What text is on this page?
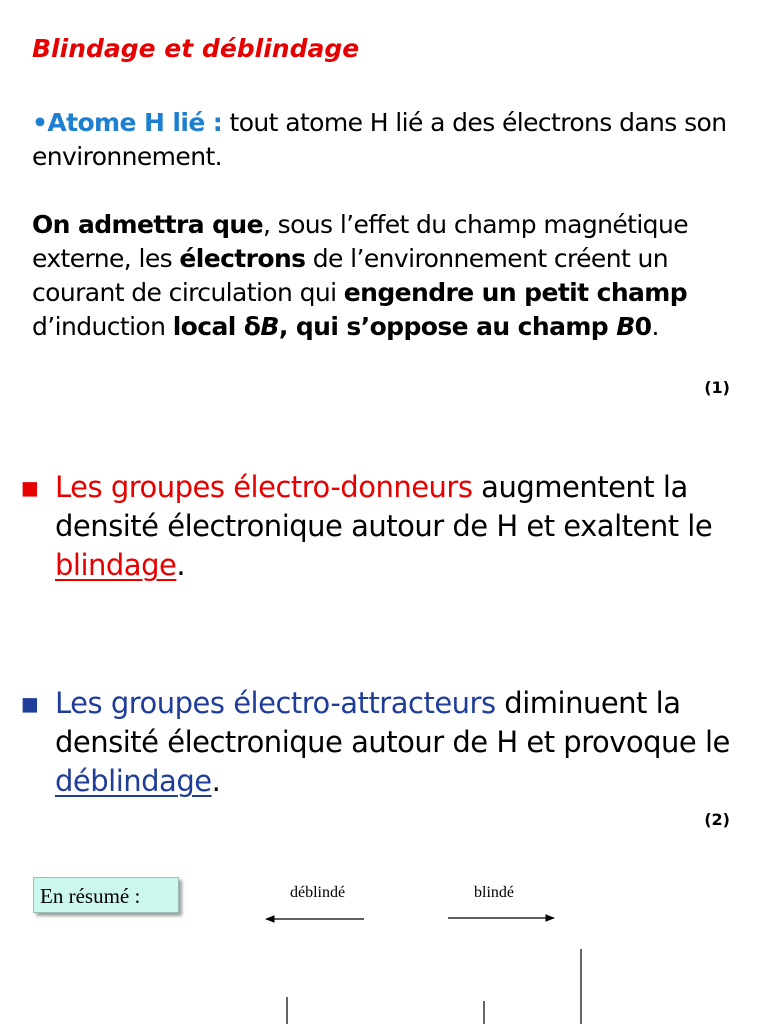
Blindage et déblindage
•Atome H lié : tout atome H lié a des électrons dans son environnement.
On admettra que, sous l’effet du champ magnétique externe, les électrons de l’environnement créent un courant de circulation qui engendre un petit champ d’induction local δB, qui s’oppose au champ B0.
(1)
▪ Les groupes électro-donneurs augmentent la densité électronique autour de H et exaltent le blindage.
▪ Les groupes électro-attracteurs diminuent la densité électronique autour de H et provoque le déblindage.
(2)
En résumé :	déblindé	blindé
